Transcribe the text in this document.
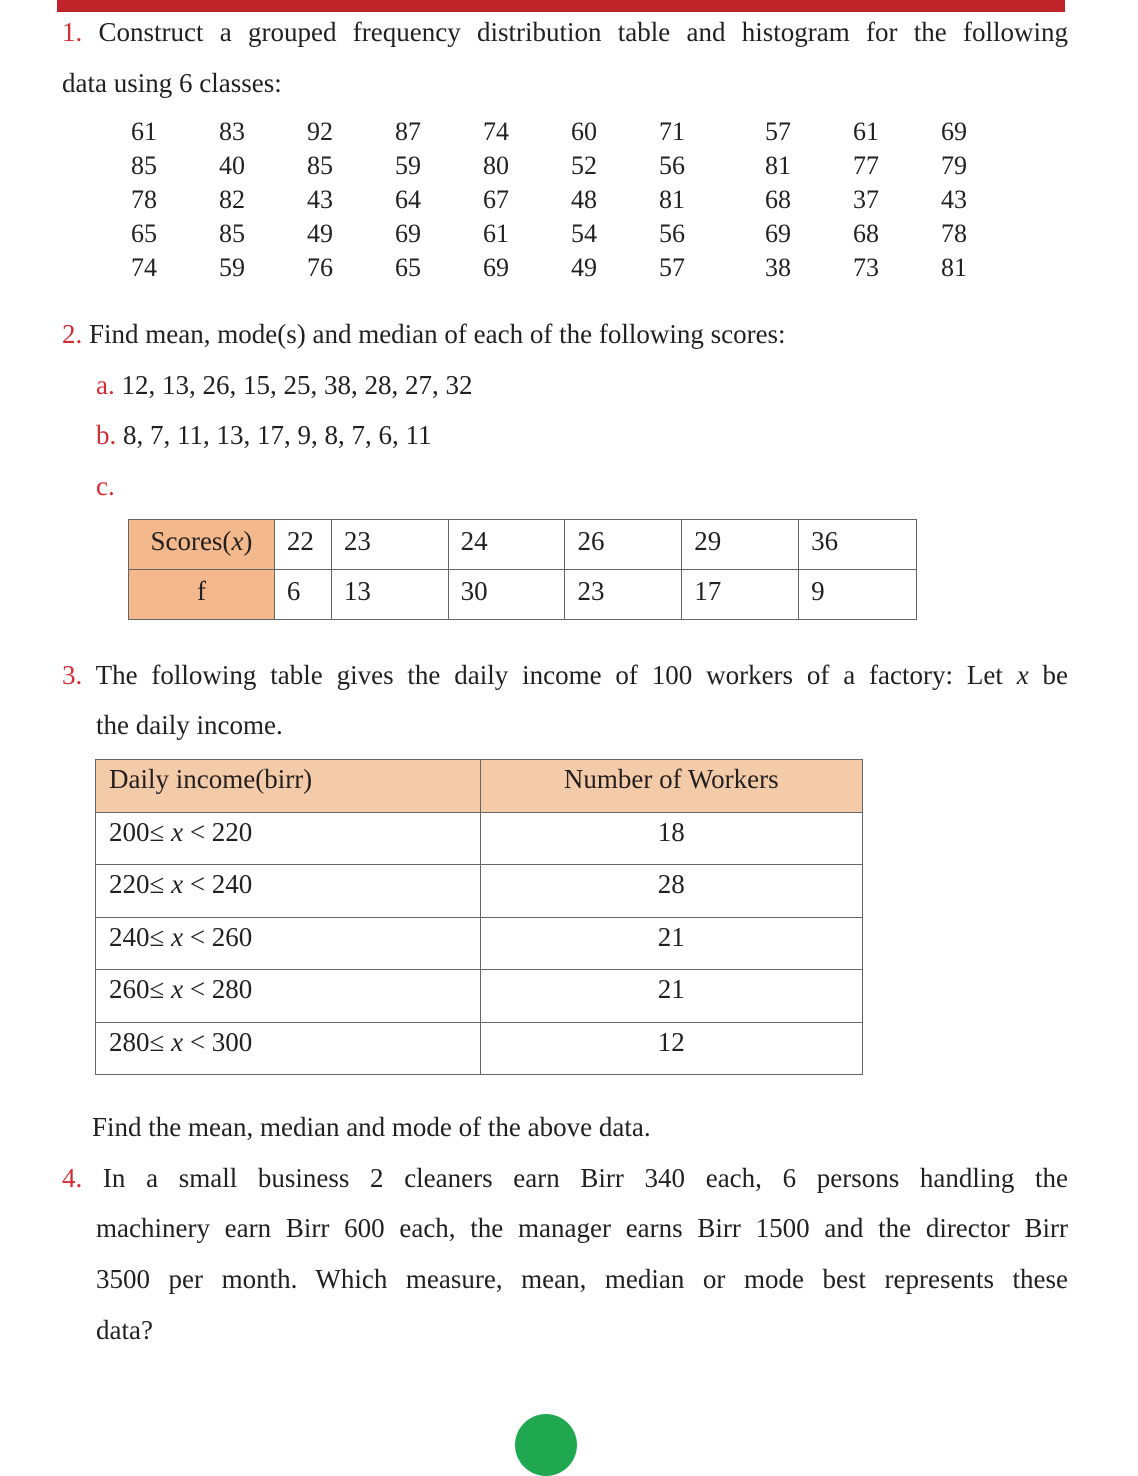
1. Construct a grouped frequency distribution table and histogram for the following
data using 6 classes:
61	83	92	87	74	60	71	57	61	69
85	40	85	59	80	52	56	81	77	79
78	82	43	64	67	48	81	68	37	43
65	85	49	69	61	54	56	69	68	78
74	59	76	65	69	49	57	38	73	81
2. Find mean, mode(s) and median of each of the following scores:
a. 12, 13, 26, 15, 25, 38, 28, 27, 32
b. 8, 7, 11, 13, 17, 9, 8, 7, 6, 11
c.
Scores(x)	22	23	24	26	29	36
f	6	13	30	23	17	9
3. The following table gives the daily income of 100 workers of a factory: Let x be
the daily income.
Daily income(birr)	Number of Workers
200≤ x < 220	18
220≤ x < 240	28
240≤ x < 260	21
260≤ x < 280	21
280≤ x < 300	12
Find the mean, median and mode of the above data.
4. In a small business 2 cleaners earn Birr 340 each, 6 persons handling the
machinery earn Birr 600 each, the manager earns Birr 1500 and the director Birr
3500 per month. Which measure, mean, median or mode best represents these
data?
